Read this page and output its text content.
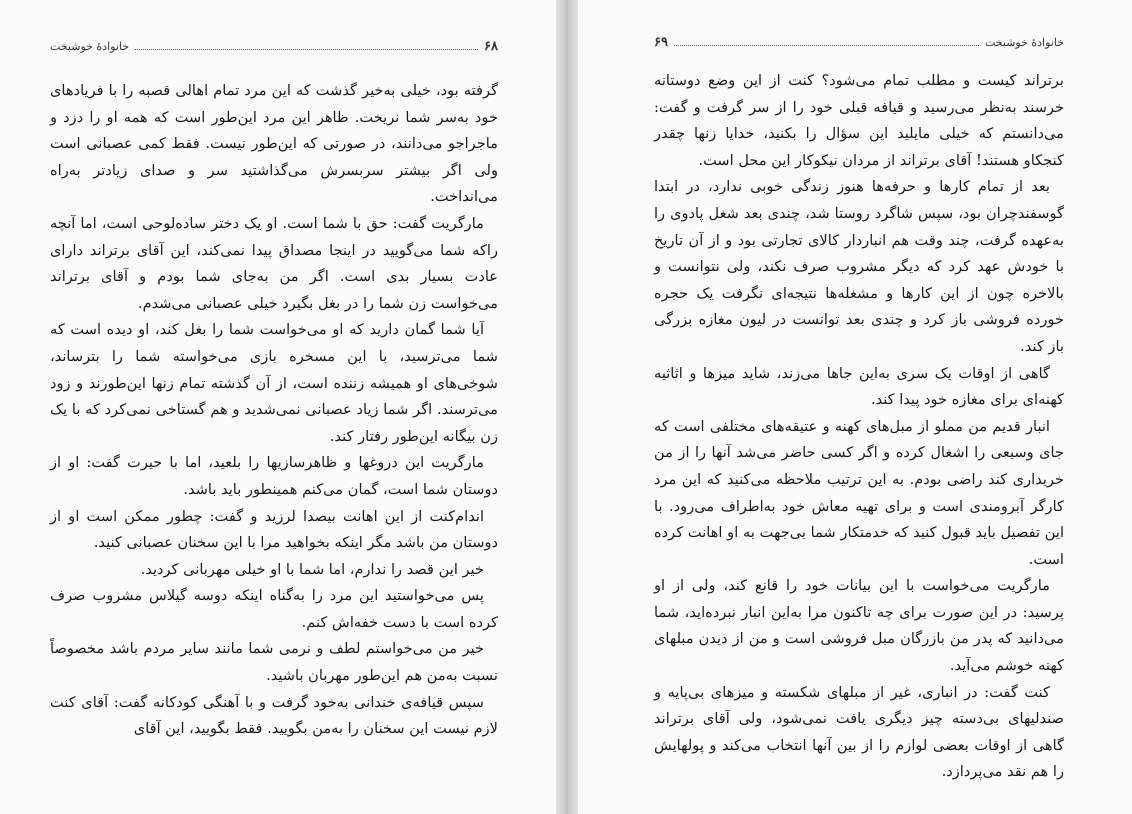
خانوادهٔ خوشبخت	۶۸

گرفته بود، خیلی به‌خیر گذشت که این مرد تمام اهالی قصبه را با فریادهای خود به‌سر شما نریخت. ظاهر این مرد این‌طور است که همه او را دزد و ماجراجو می‌دانند، در صورتی که این‌طور نیست. فقط کمی عصبانی است ولی اگر بیشتر سربسرش می‌گذاشتید سر و صدای زیادتر به‌راه می‌انداخت.

مارگریت گفت: حق با شما است. او یک دختر ساده‌لوحی است، اما آنچه راکه شما می‌گویید در اینجا مصداق پیدا نمی‌کند، این آقای برتراند دارای عادت بسیار بدی است. اگر من به‌جای شما بودم و آقای برتراند می‌خواست زن شما را در بغل بگیرد خیلی عصبانی می‌شدم.

آیا شما گمان دارید که او می‌خواست شما را بغل کند، او دیده است که شما می‌ترسید، با این مسخره بازی می‌خواسته شما را بترساند، شوخی‌های او همیشه زننده است، از آن گذشته تمام زنها این‌طورند و زود می‌ترسند. اگر شما زیاد عصبانی نمی‌شدید و هم گستاخی نمی‌کرد که با یک زن بیگانه این‌طور رفتار کند.

مارگریت این دروغها و ظاهرسازیها را بلعید، اما با حیرت گفت: او از دوستان شما است، گمان می‌کنم همینطور باید باشد.

اندام‌کنت از این اهانت بیصدا لرزید و گفت: چطور ممکن است او از دوستان من باشد مگر اینکه بخواهید مرا با این سخنان عصبانی کنید.

خیر این قصد را ندارم، اما شما با او خیلی مهربانی کردید.

پس می‌خواستید این مرد را به‌گناه اینکه دوسه گیلاس مشروب صرف کرده است با دست خفه‌اش کنم.

خیر من می‌خواستم لطف و نرمی شما مانند سایر مردم باشد مخصوصاً نسبت به‌من هم این‌طور مهربان باشید.

سپس قیافه‌ی خندانی به‌خود گرفت و با آهنگی کودکانه گفت: آقای کنت لازم نیست این سخنان را به‌من بگویید. فقط بگویید، این آقای

خانوادهٔ خوشبخت
۶۹

برتراند کیست و مطلب تمام می‌شود؟ کنت از این وضع دوستانه خرسند به‌نظر می‌رسید و قیافه قبلی خود را از سر گرفت و گفت: می‌دانستم که خیلی مایلید این سؤال را بکنید، خدایا زنها چقدر کنجکاو هستند! آقای برتراند از مردان نیکوکار این محل است.

بعد از تمام کارها و حرفه‌ها هنوز زندگی خوبی ندارد، در ابتدا گوسفندچران بود، سپس شاگرد روستا شد، چندی بعد شغل پادوی را به‌عهده گرفت، چند وقت هم انباردار کالای تجارتی بود و از آن تاریخ با خودش عهد کرد که دیگر مشروب صرف نکند، ولی نتوانست و بالاخره چون از این کارها و مشغله‌ها نتیجه‌ای نگرفت یک حجره خورده فروشی باز کرد و چندی بعد توانست در لیون مغازه بزرگی باز کند.

گاهی از اوقات یک سری به‌این جاها می‌زند، شاید میزها و اثاثیه کهنه‌ای برای مغازه خود پیدا کند.

انبار قدیم من مملو از مبل‌های کهنه و عتیقه‌های مختلفی است که جای وسیعی را اشغال کرده و اگر کسی حاضر می‌شد آنها را از من خریداری کند راضی بودم. به این ترتیب ملاحظه می‌کنید که این مرد کارگر آبرومندی است و برای تهیه معاش خود به‌اطراف می‌رود. با این تفصیل باید قبول کنید که خدمتکار شما بی‌جهت به او اهانت کرده است.

مارگریت می‌خواست با این بیانات خود را قانع کند، ولی از او پرسید: در این صورت برای چه تاکنون مرا به‌این انبار نبرده‌اید، شما می‌دانید که پدر من بازرگان مبل فروشی است و من از دیدن مبلهای کهنه خوشم می‌آید.

کنت گفت: در انباری، غیر از مبلهای شکسته و میزهای بی‌پایه و صندلیهای بی‌دسته چیز دیگری یافت نمی‌شود، ولی آقای برتراند گاهی از اوقات بعضی لوازم را از بین آنها انتخاب می‌کند و پولهایش را هم نقد می‌پردازد.
